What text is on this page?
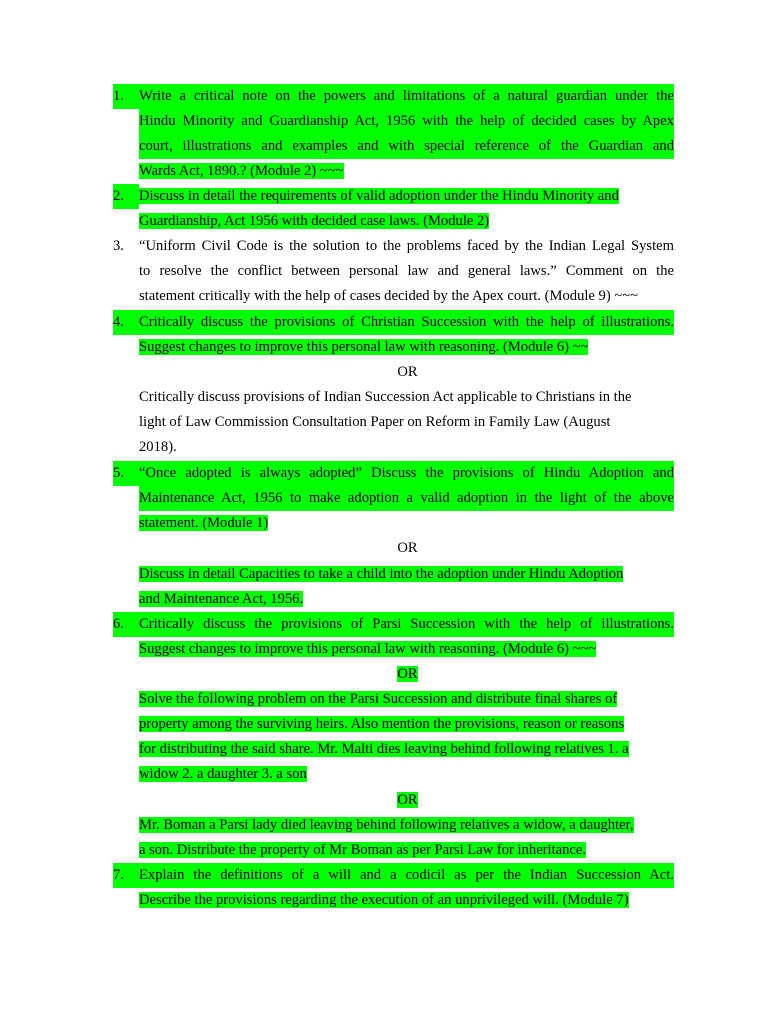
1.	Write a critical note on the powers and limitations of a natural guardian under the
Hindu Minority and Guardianship Act, 1956 with the help of decided cases by Apex
court, illustrations and examples and with special reference of the Guardian and
Wards Act, 1890.? (Module 2) ~~~
2.	Discuss in detail the requirements of valid adoption under the Hindu Minority and
Guardianship, Act 1956 with decided case laws. (Module 2)
3.	“Uniform Civil Code is the solution to the problems faced by the Indian Legal System
to resolve the conflict between personal law and general laws.” Comment on the
statement critically with the help of cases decided by the Apex court. (Module 9) ~~~
4.	Critically discuss the provisions of Christian Succession with the help of illustrations.
Suggest changes to improve this personal law with reasoning. (Module 6) ~~
OR
Critically discuss provisions of Indian Succession Act applicable to Christians in the
light of Law Commission Consultation Paper on Reform in Family Law (August
2018).
5.	“Once adopted is always adopted” Discuss the provisions of Hindu Adoption and
Maintenance Act, 1956 to make adoption a valid adoption in the light of the above
statement. (Module 1)
OR
Discuss in detail Capacities to take a child into the adoption under Hindu Adoption
and Maintenance Act, 1956.
6.	Critically discuss the provisions of Parsi Succession with the help of illustrations.
Suggest changes to improve this personal law with reasoning. (Module 6) ~~~
OR
Solve the following problem on the Parsi Succession and distribute final shares of
property among the surviving heirs. Also mention the provisions, reason or reasons
for distributing the said share. Mr. Malti dies leaving behind following relatives 1. a
widow 2. a daughter 3. a son
OR
Mr. Boman a Parsi lady died leaving behind following relatives a widow, a daughter,
a son. Distribute the property of Mr Boman as per Parsi Law for inheritance.
7.	Explain the definitions of a will and a codicil as per the Indian Succession Act.
Describe the provisions regarding the execution of an unprivileged will. (Module 7)
